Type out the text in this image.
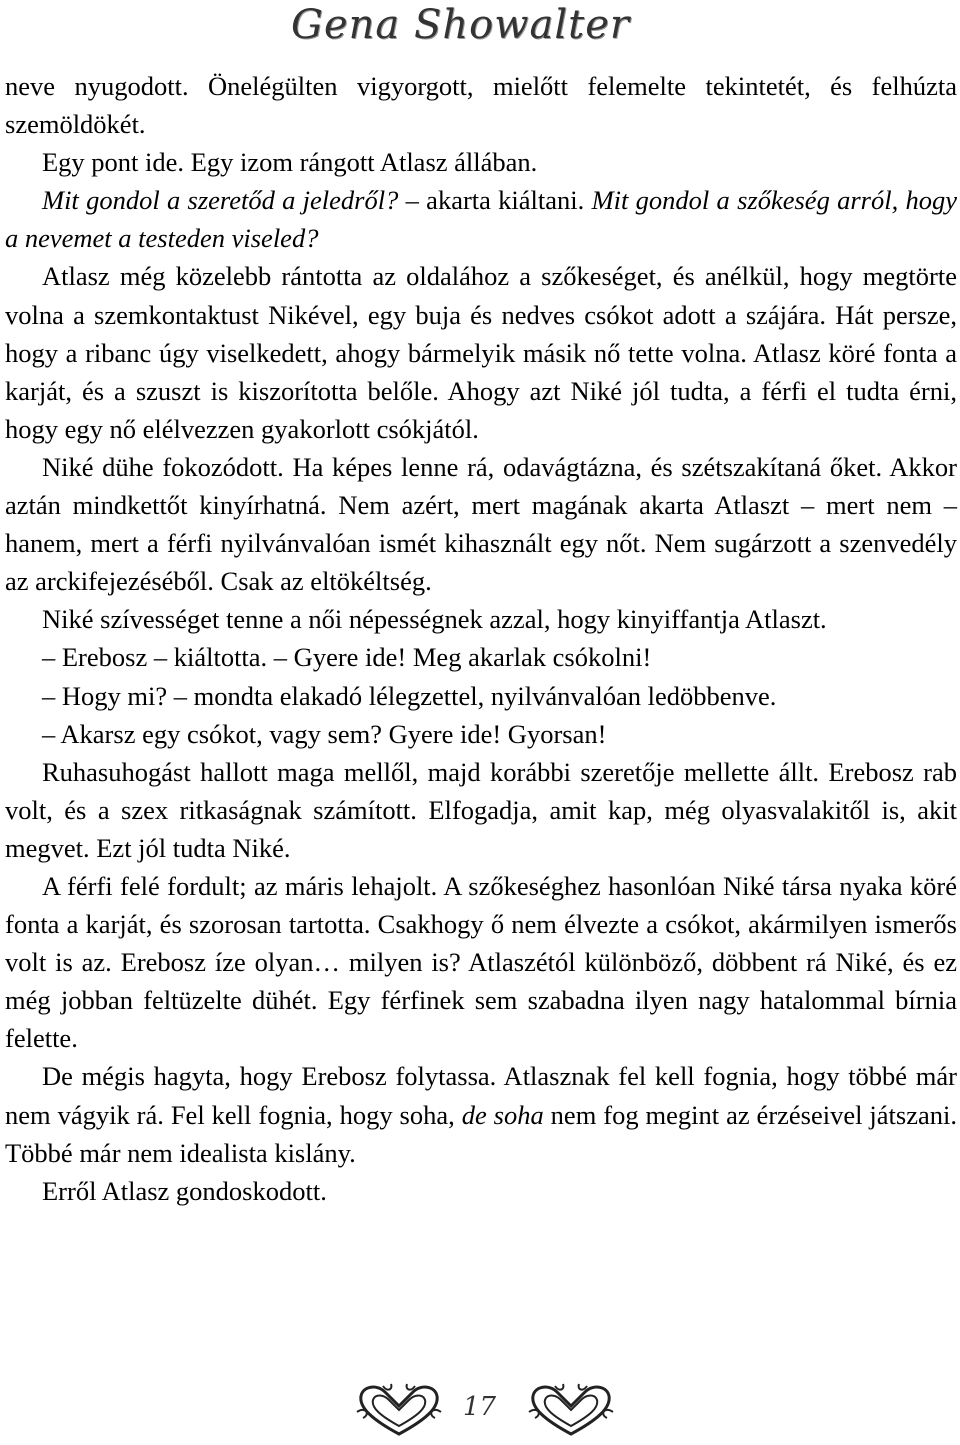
Gena Showalter

neve nyugodott. Önelégülten vigyorgott, mielőtt felemelte tekintetét, és felhúzta szemöldökét.

Egy pont ide. Egy izom rángott Atlasz állában.

Mit gondol a szeretőd a jeledről? – akarta kiáltani. Mit gondol a szőkeség arról, hogy a nevemet a testeden viseled?

Atlasz még közelebb rántotta az oldalához a szőkeséget, és anélkül, hogy megtörte volna a szemkontaktust Nikével, egy buja és nedves csókot adott a szájára. Hát persze, hogy a ribanc úgy viselkedett, ahogy bármelyik másik nő tette volna. Atlasz köré fonta a karját, és a szuszt is kiszorította belőle. Ahogy azt Niké jól tudta, a férfi el tudta érni, hogy egy nő elélvezzen gyakorlott csókjától.

Niké dühe fokozódott. Ha képes lenne rá, odavágtázna, és szétszakítaná őket. Akkor aztán mindkettőt kinyírhatná. Nem azért, mert magának akarta Atlaszt – mert nem – hanem, mert a férfi nyilvánvalóan ismét kihasznált egy nőt. Nem sugárzott a szenvedély az arckifejezéséből. Csak az eltökéltség.

Niké szívességet tenne a női népességnek azzal, hogy kinyiffantja Atlaszt.

– Erebosz – kiáltotta. – Gyere ide! Meg akarlak csókolni!

– Hogy mi? – mondta elakadó lélegzettel, nyilvánvalóan ledöbbenve.

– Akarsz egy csókot, vagy sem? Gyere ide! Gyorsan!

Ruhasuhogást hallott maga mellől, majd korábbi szeretője mellette állt. Erebosz rab volt, és a szex ritkaságnak számított. Elfogadja, amit kap, még olyasvalakitől is, akit megvet. Ezt jól tudta Niké.

A férfi felé fordult; az máris lehajolt. A szőkeséghez hasonlóan Niké társa nyaka köré fonta a karját, és szorosan tartotta. Csakhogy ő nem élvezte a csókot, akármilyen ismerős volt is az. Erebosz íze olyan… milyen is? Atlaszétól különböző, döbbent rá Niké, és ez még jobban feltüzelte dühét. Egy férfinek sem szabadna ilyen nagy hatalommal bírnia felette.

De mégis hagyta, hogy Erebosz folytassa. Atlasznak fel kell fognia, hogy többé már nem vágyik rá. Fel kell fognia, hogy soha, de soha nem fog megint az érzéseivel játszani. Többé már nem idealista kislány.

Erről Atlasz gondoskodott.

17
